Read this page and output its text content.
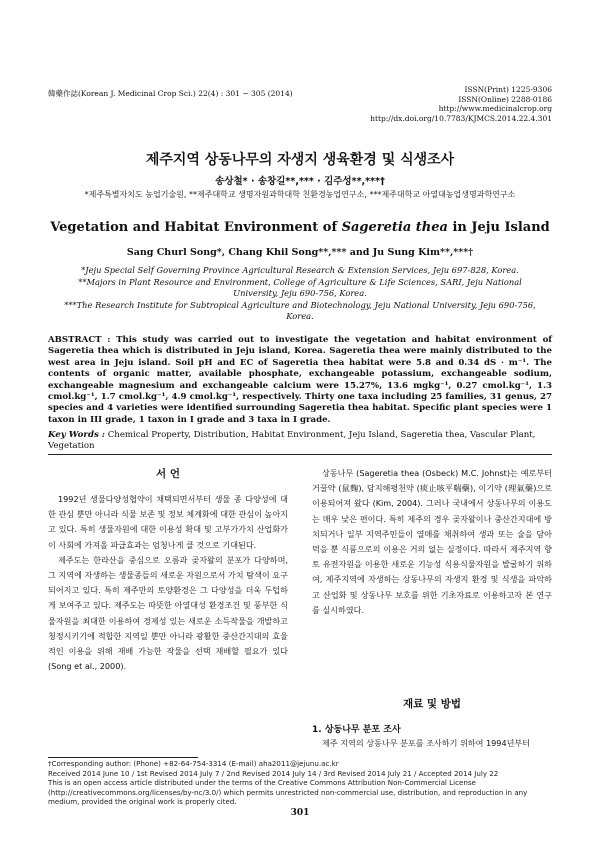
韓藥作誌(Korean J. Medicinal Crop Sci.) 22(4) : 301 − 305 (2014)	ISSN(Print) 1225-9306
ISSN(Online) 2288-0186
http://www.medicinalcrop.org
http://dx.doi.org/10.7783/KJMCS.2014.22.4.301
제주지역 상동나무의 자생지 생육환경 및 식생조사
송상철* · 송창길**,*** · 김주성**,***†
*제주특별자치도 농업기술원, **제주대학교 생명자원과학대학 친환경농업연구소, ***제주대학교 아열대농업생명과학연구소
Vegetation and Habitat Environment of Sageretia thea in Jeju Island
Sang Churl Song*, Chang Khil Song**,*** and Ju Sung Kim**,***†
*Jeju Special Self Governing Province Agricultural Research & Extension Services, Jeju 697-828, Korea.
**Majors in Plant Resource and Environment, College of Agriculture & Life Sciences, SARI, Jeju National University, Jeju 690-756, Korea.
***The Research Institute for Subtropical Agriculture and Biotechnology, Jeju National University, Jeju 690-756, Korea.
ABSTRACT : This study was carried out to investigate the vegetation and habitat environment of Sageretia thea which is distributed in Jeju island, Korea. Sageretia thea were mainly distributed to the west area in Jeju island. Soil pH and EC of Sageretia thea habitat were 5.8 and 0.34 dS · m⁻¹. The contents of organic matter, available phosphate, exchangeable potassium, exchangeable sodium, exchangeable magnesium and exchangeable calcium were 15.27%, 13.6 mgkg⁻¹, 0.27 cmol.kg⁻¹, 1.3 cmol.kg⁻¹, 1.7 cmol.kg⁻¹, 4.9 cmol.kg⁻¹, respectively. Thirty one taxa including 25 families, 31 genus, 27 species and 4 varieties were identified surrounding Sageretia thea habitat. Specific plant species were 1 taxon in III grade, 1 taxon in I grade and 3 taxa in I grade.
Key Words : Chemical Property, Distribution, Habitat Environment, Jeju Island, Sageretia thea, Vascular Plant, Vegetation
서 언

1992년 생물다양성협약이 채택되면서부터 생물 종 다양성에 대한 관심 뿐만 아니라 식물 보존 및 정보 체계화에 대한 관심이 높아지고 있다. 특히 생물자원에 대한 이용성 확대 및 고부가가치 산업화가 이 사회에 가져올 파급효과는 엄청나게 클 것으로 기대된다.

제주도는 한라산을 중심으로 오름과 곶자왈의 분포가 다양하며, 그 지역에 자생하는 생물종들의 새로운 자원으로서 가치 탐색이 요구되어지고 있다. 특히 제주만의 토양환경은 그 다양성을 더욱 두텁하게 보여주고 있다. 제주도는 따뜻한 아열대성 환경조건 및 풍부한 식물자원을 최대한 이용하여 경제성 있는 새로운 소득작물을 개발하고 청정시키기에 적합한 지역일 뿐만 아니라 광활한 중산간지대의 효율적인 이용을 위해 재배 가능한 작물을 선택 재배할 필요가 있다 (Song et al., 2000).

상동나무 (Sageretia thea (Osbeck) M.C. Johnst)는 예로부터 거꿀약 (鼠麴), 담지해평천약 (痰止咳平喘藥), 이기약 (理氣藥)으로 이용되어져 왔다 (Kim, 2004). 그러나 국내에서 상동나무의 이용도는 매우 낮은 편이다. 특히 제주의 경우 곶자왈이나 중산간지대에 방치되거나 일부 지역주민들이 열매를 채취하여 생과 또는 술을 담아 먹을 뿐 식품으로의 이용은 거의 없는 실정이다. 따라서 제주지역 향토 유전자원을 이용한 새로운 기능성 식용식물자원을 발굴하기 위하여, 제주지역에 자생하는 상동나무의 자생지 환경 및 식생을 파악하고 산업화 및 상동나무 보호를 위한 기초자료로 이용하고자 본 연구를 실시하였다.

재료 및 방법
1. 상동나무 분포 조사

제주 지역의 상동나무 분포를 조사하기 위하여 1994년부터

†Corresponding author: (Phone) +82-64-754-3314 (E-mail) aha2011@jejunu.ac.kr
Received 2014 June 10 / 1st Revised 2014 July 7 / 2nd Revised 2014 July 14 / 3rd Revised 2014 July 21 / Accepted 2014 July 22
This is an open access article distributed under the terms of the Creative Commons Attribution Non-Commercial License (http://creativecommons.org/licenses/by-nc/3.0/) which permits unrestricted non-commercial use, distribution, and reproduction in any medium, provided the original work is properly cited.
301
